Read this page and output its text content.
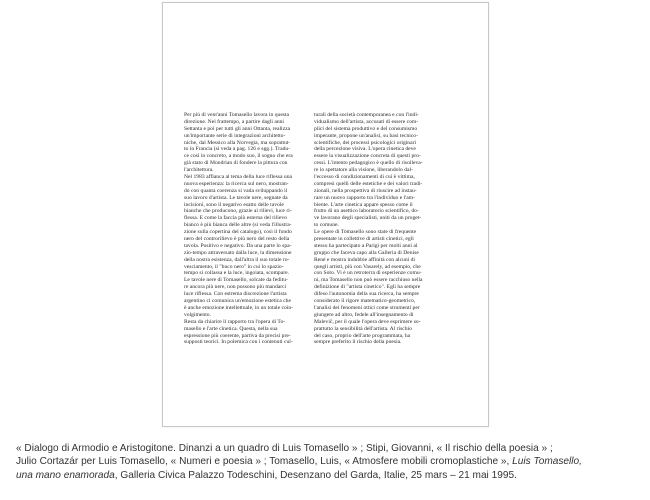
Per più di vent'anni Tomasello lavora in questa
direzione. Nel frattempo, a partire dagli anni
Settanta e poi per tutti gli anni Ottanta, realizza
un'importante serie di integrazioni architetto-
niche, dal Messico alla Norvegia, ma soprattut-
to in Francia (si veda a pag. 126 e sgg.). Tradu-
ce così in concreto, a modo suo, il sogno che era
già stato di Mondrian di fondere la pittura con
l'architettura.
Nel 1983 affianca al tema della luce riflessa una
nuova esperienza: la ricerca sul nero, mostran-
do con quanta coerenza si vada sviluppando il
suo lavoro d'artista. Le tavole nere, segnate da
incisioni, sono il negativo esatto delle tavole
bianche che producono, grazie ai rilievi, luce ri-
flessa. E come la faccia più esterna del rilievo
bianco è più bianca delle altre (si veda l'illustra-
zione sulla copertina del catalogo), così il fondo
nero del controrilievo è più nero del resto della
tavola. Positivo e negativo. Da una parte lo spa-
zio-tempo attraversato dalla luce, la dimensione
della nostra esistenza, dall'altra il suo totale ro-
vesciamento, il "buco nero" in cui lo spazio-
tempo si collassa e la luce, ingoiata, scompare.
Le tavole nere di Tomasello, solcate da feditu-
re ancora più nere, non possono più mandarci
luce riflessa. Con estrema discrezione l'artista
argentino ci comunica un'emozione estetica che
è anche emozione intellettuale, in un totale coin-
volgimento.
Resta da chiarire il rapporto tra l'opera di To-
masello e l'arte cinetica. Questa, nella sua
espressione più coerente, partiva da precisi pre-
supposti teorici. In polemica con i contenuti cul-
turali della società contemporanea e con l'indi-
vidualismo dell'artista, accusati di essere com-
plici del sistema produttivo e del consumismo
imperante, propone un'analisi, su basi tecnico-
scientifiche, dei processi psicologici originari
della percezione visiva. L'opera cinetica deve
essere la visualizzazione concreta di questi pro-
cessi. L'intento pedagogico è quello di risolleva-
re lo spettatore alla visione, liberandolo dal-
l'eccesso di condizionamenti di cui è vittima,
compresi quelli delle estetiche e dei valori tradi-
zionali, nella prospettiva di riuscire ad instau-
rare un nuovo rapporto tra l'individuo e l'am-
biente. L'arte cinetica appare spesso come il
frutto di un asettico laboratorio scientifico, do-
ve lavorano degli specialisti, uniti da un proget-
to comune.
Le opere di Tomasello sono state di frequente
presentate in collettive di artisti cinetici, egli
stesso ha partecipato a Parigi per molti anni al
gruppo che faceva capo alla Galleria di Denise
René e mostra indubbie affinità con alcuni di
quegli artisti, più con Vasarely, ad esempio, che
con Soto. Vi è un retroterra di esperienze comu-
ni, ma Tomasello non può essere racchiuso nella
definizione di "artista cinetico". Egli ha sempre
difeso l'autonomia della sua ricerca, ha sempre
considerato il rigore matematico-geometrico,
l'analisi dei fenomeni ottici come strumenti per
giungere ad altro, fedele all'insegnamento di
Malevič, per il quale l'opera deve esprimere so-
prattutto la sensibilità dell'artista. Al rischio
del caso, proprio dell'arte programmata, ha
sempre preferito il rischio della poesia.
« Dialogo di Armodio e Aristogitone. Dinanzi a un quadro di Luis Tomasello » ; Stipi, Giovanni, « Il rischio della poesia » ;
Julio Cortazár per Luis Tomasello, « Numeri e poesia » ; Tomasello, Luis, « Atmosfere mobili cromoplastiche », Luis Tomasello,
una mano enamorada, Galleria Civica Palazzo Todeschini, Desenzano del Garda, Italie, 25 mars – 21 mai 1995.
